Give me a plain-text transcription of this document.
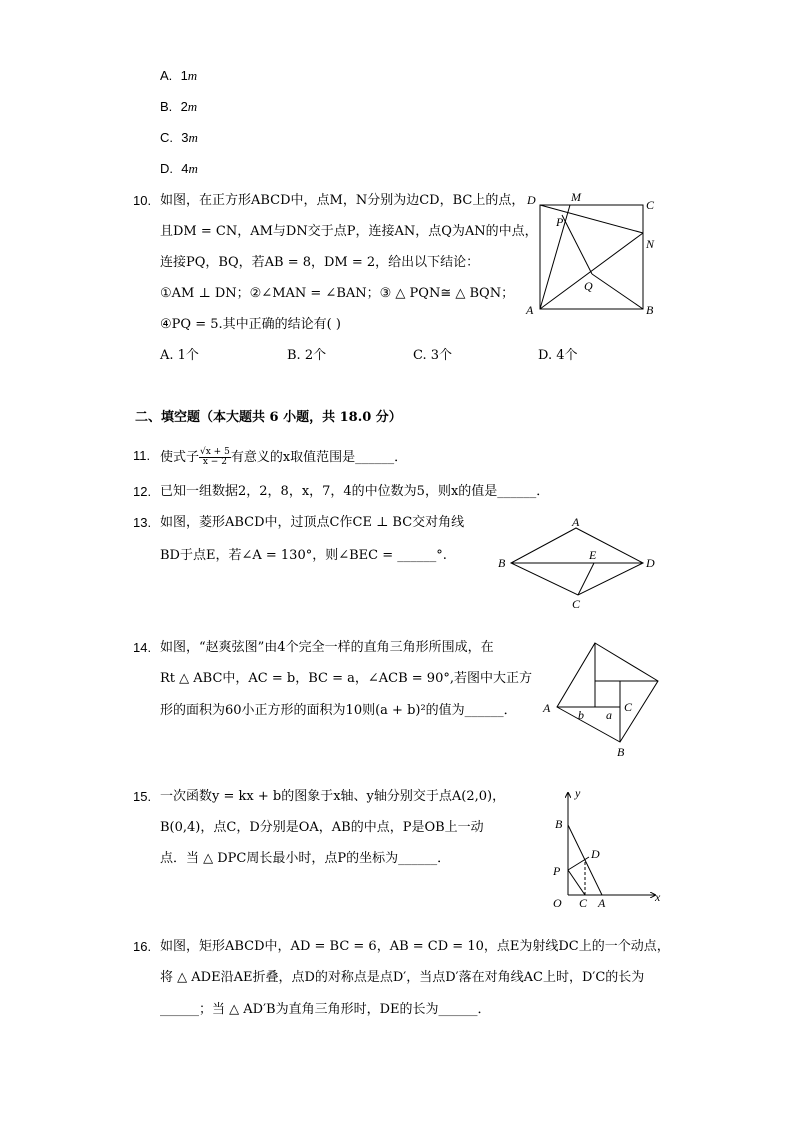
A. 1m
B. 2m
C. 3m
D. 4m
10. 如图，在正方形ABCD中，点M，N分别为边CD，BC上的点，
且DM = CN，AM与DN交于点P，连接AN，点Q为AN的中点，
连接PQ，BQ，若AB = 8，DM = 2，给出以下结论：
①AM ⊥ DN；②∠MAN = ∠BAN；③ △ PQN≅ △ BQN；
④PQ = 5.其中正确的结论有( )
A. 1个	B. 2个	C. 3个	D. 4个
D	M
C
P
N
Q
A	B
二、填空题（本大题共 6 小题，共 18.0 分）
11. 使式子 $\frac{√x + 5}{x - 2}$ 有意义的x取值范围是______．
12. 已知一组数据2，2，8，x，7，4的中位数为5，则x的值是______．
13. 如图，菱形ABCD中，过顶点C作CE ⊥ BC交对角线
BD于点E，若∠A = 130°，则∠BEC = ______°.
A
B	D
E
C
14. 如图，“赵爽弦图”由4个完全一样的直角三角形所围成，在
Rt △ ABC中，AC = b，BC = a，∠ACB = 90°,若图中大正方
形的面积为60小正方形的面积为10则(a + b)²的值为______． A b a
C
B
15. 一次函数y = kx + b的图象于x轴、y轴分别交于点A(2,0)，
B(0,4)，点C，D分别是OA，AB的中点，P是OB上一动
点．当 △ DPC周长最小时，点P的坐标为______．
y
x
B
D
P
O C A
16. 如图，矩形ABCD中，AD = BC = 6，AB = CD = 10，点E为射线DC上的一个动点，
将 △ ADE沿AE折叠，点D的对称点是点D′，当点D′落在对角线AC上时，D′C的长为
______；当 △ AD′B为直角三角形时，DE的长为______．
